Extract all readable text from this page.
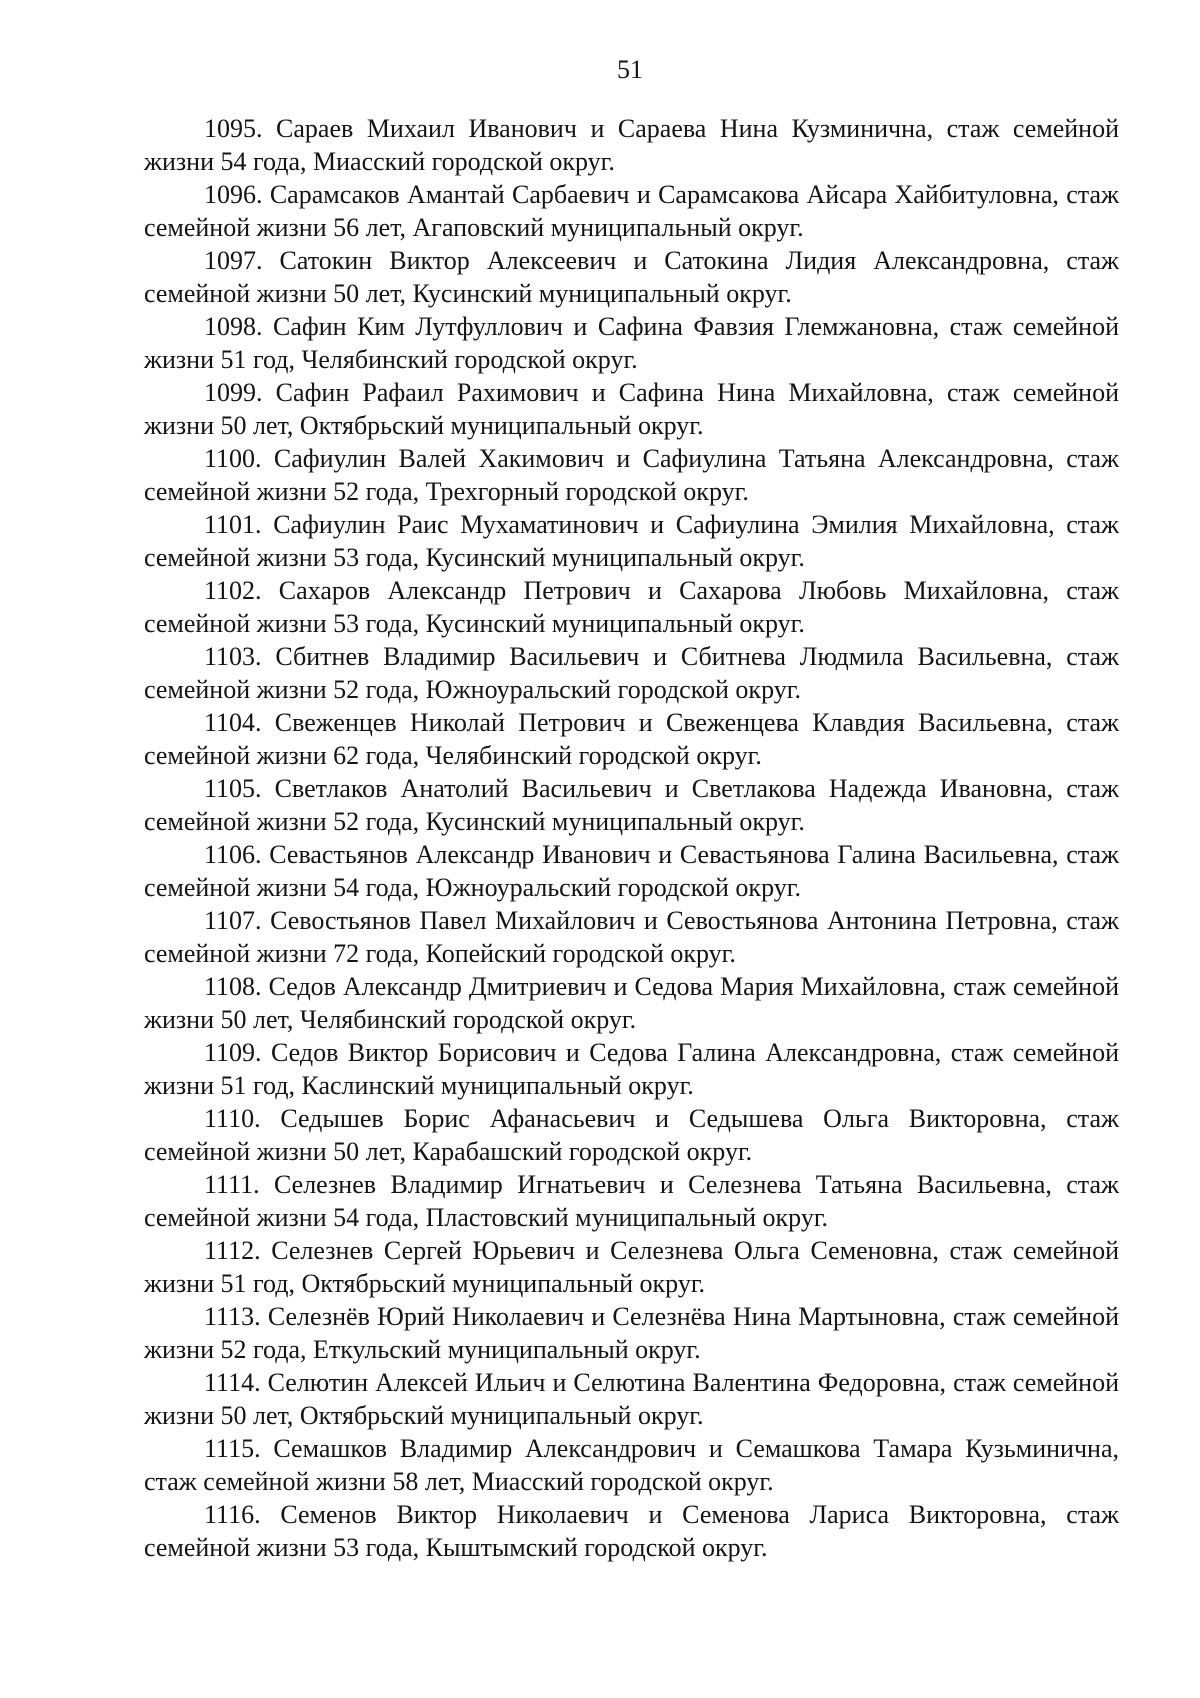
51

1095. Сараев Михаил Иванович и Сараева Нина Кузминична, стаж семейной жизни 54 года, Миасский городской округ.

1096. Сарамсаков Амантай Сарбаевич и Сарамсакова Айсара Хайбитуловна, стаж семейной жизни 56 лет, Агаповский муниципальный округ.

1097. Сатокин Виктор Алексеевич и Сатокина Лидия Александровна, стаж семейной жизни 50 лет, Кусинский муниципальный округ.

1098. Сафин Ким Лутфуллович и Сафина Фавзия Глемжановна, стаж семейной жизни 51 год, Челябинский городской округ.

1099. Сафин Рафаил Рахимович и Сафина Нина Михайловна, стаж семейной жизни 50 лет, Октябрьский муниципальный округ.

1100. Сафиулин Валей Хакимович и Сафиулина Татьяна Александровна, стаж семейной жизни 52 года, Трехгорный городской округ.

1101. Сафиулин Раис Мухаматинович и Сафиулина Эмилия Михайловна, стаж семейной жизни 53 года, Кусинский муниципальный округ.

1102. Сахаров Александр Петрович и Сахарова Любовь Михайловна, стаж семейной жизни 53 года, Кусинский муниципальный округ.

1103. Сбитнев Владимир Васильевич и Сбитнева Людмила Васильевна, стаж семейной жизни 52 года, Южноуральский городской округ.

1104. Свеженцев Николай Петрович и Свеженцева Клавдия Васильевна, стаж семейной жизни 62 года, Челябинский городской округ.

1105. Светлаков Анатолий Васильевич и Светлакова Надежда Ивановна, стаж семейной жизни 52 года, Кусинский муниципальный округ.

1106. Севастьянов Александр Иванович и Севастьянова Галина Васильевна, стаж семейной жизни 54 года, Южноуральский городской округ.

1107. Севостьянов Павел Михайлович и Севостьянова Антонина Петровна, стаж семейной жизни 72 года, Копейский городской округ.

1108. Седов Александр Дмитриевич и Седова Мария Михайловна, стаж семейной жизни 50 лет, Челябинский городской округ.

1109. Седов Виктор Борисович и Седова Галина Александровна, стаж семейной жизни 51 год, Каслинский муниципальный округ.

1110. Седышев Борис Афанасьевич и Седышева Ольга Викторовна, стаж семейной жизни 50 лет, Карабашский городской округ.

1111. Селезнев Владимир Игнатьевич и Селезнева Татьяна Васильевна, стаж семейной жизни 54 года, Пластовский муниципальный округ.

1112. Селезнев Сергей Юрьевич и Селезнева Ольга Семеновна, стаж семейной жизни 51 год, Октябрьский муниципальный округ.

1113. Селезнёв Юрий Николаевич и Селезнёва Нина Мартыновна, стаж семейной жизни 52 года, Еткульский муниципальный округ.

1114. Селютин Алексей Ильич и Селютина Валентина Федоровна, стаж семейной жизни 50 лет, Октябрьский муниципальный округ.

1115. Семашков Владимир Александрович и Семашкова Тамара Кузьминична, стаж семейной жизни 58 лет, Миасский городской округ.

1116. Семенов Виктор Николаевич и Семенова Лариса Викторовна, стаж семейной жизни 53 года, Кыштымский городской округ.
